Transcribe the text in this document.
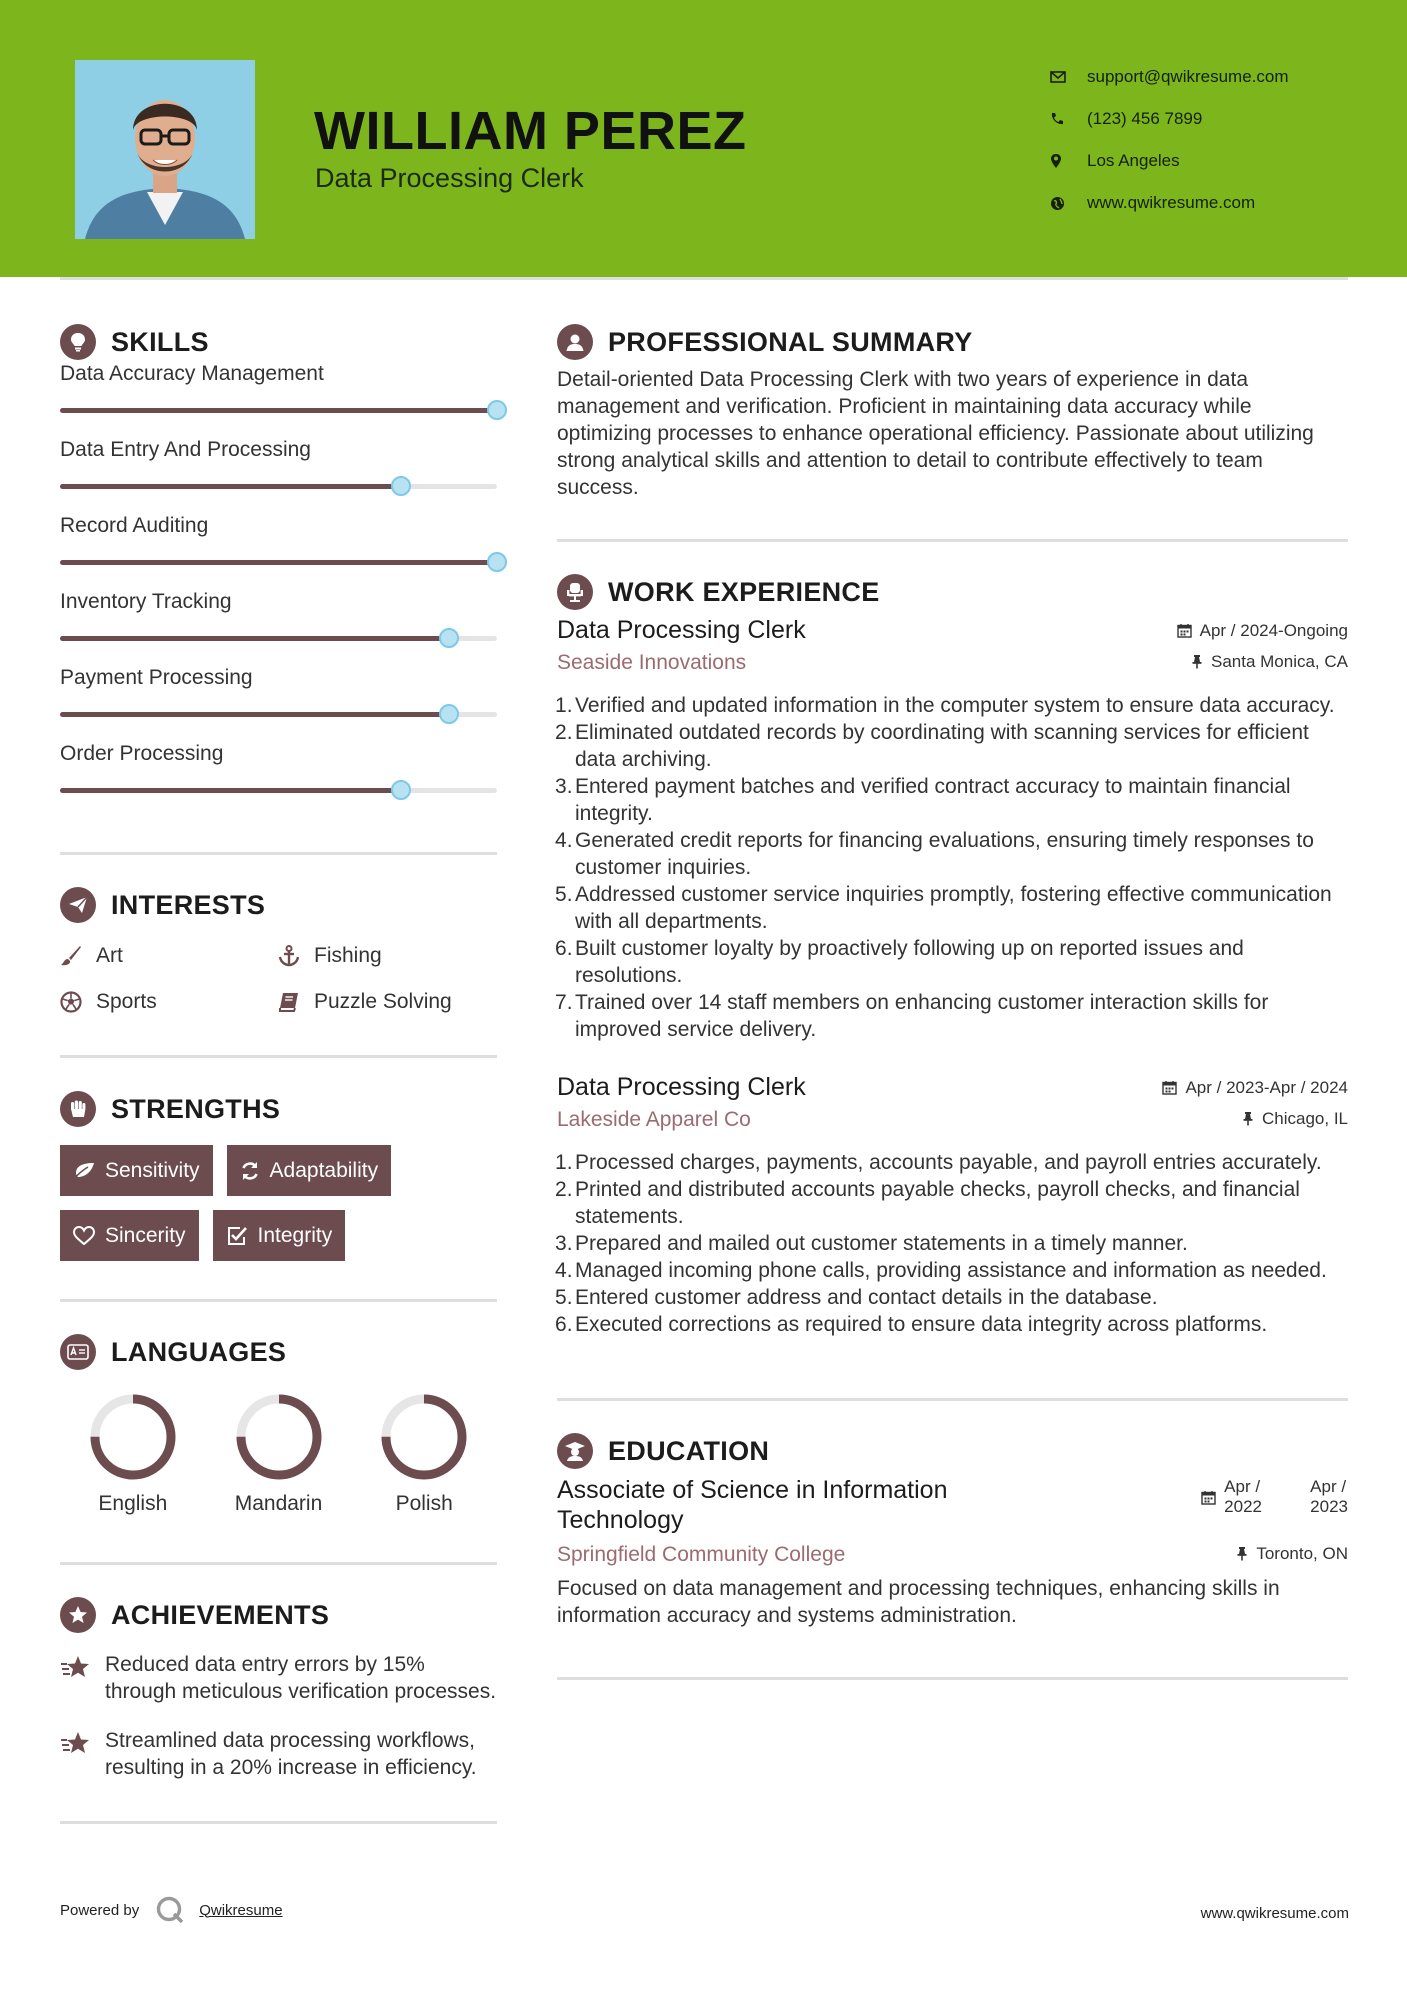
WILLIAM PEREZ
Data Processing Clerk
support@qwikresume.com
(123) 456 7899
Los Angeles
www.qwikresume.com
SKILLS
Data Accuracy Management
Data Entry And Processing
Record Auditing
Inventory Tracking
Payment Processing
Order Processing
INTERESTS
Art	Fishing
Sports	Puzzle Solving
STRENGTHS
Sensitivity	Adaptability
Sincerity	Integrity
LANGUAGES
English	Mandarin	Polish
ACHIEVEMENTS
Reduced data entry errors by 15% through meticulous verification processes.
Streamlined data processing workflows, resulting in a 20% increase in efficiency.
PROFESSIONAL SUMMARY

Detail-oriented Data Processing Clerk with two years of experience in data management and verification. Proficient in maintaining data accuracy while optimizing processes to enhance operational efficiency. Passionate about utilizing strong analytical skills and attention to detail to contribute effectively to team success.

WORK EXPERIENCE
Data Processing Clerk	Apr / 2024-Ongoing
Seaside Innovations	Santa Monica, CA
Verified and updated information in the computer system to ensure data accuracy.
Eliminated outdated records by coordinating with scanning services for efficient data archiving.
Entered payment batches and verified contract accuracy to maintain financial integrity.
Generated credit reports for financing evaluations, ensuring timely responses to customer inquiries.
Addressed customer service inquiries promptly, fostering effective communication with all departments.
Built customer loyalty by proactively following up on reported issues and resolutions.
Trained over 14 staff members on enhancing customer interaction skills for improved service delivery.
Data Processing Clerk	Apr / 2023-Apr / 2024
Lakeside Apparel Co	Chicago, IL
Processed charges, payments, accounts payable, and payroll entries accurately.
Printed and distributed accounts payable checks, payroll checks, and financial statements.
Prepared and mailed out customer statements in a timely manner.
Managed incoming phone calls, providing assistance and information as needed.
Entered customer address and contact details in the database.
Executed corrections as required to ensure data integrity across platforms.
EDUCATION
Associate of Science in Information Technology
Apr /
2022
Apr /
2023
Springfield Community College	Toronto, ON

Focused on data management and processing techniques, enhancing skills in information accuracy and systems administration.

Powered by	Qwikresume	www.qwikresume.com
